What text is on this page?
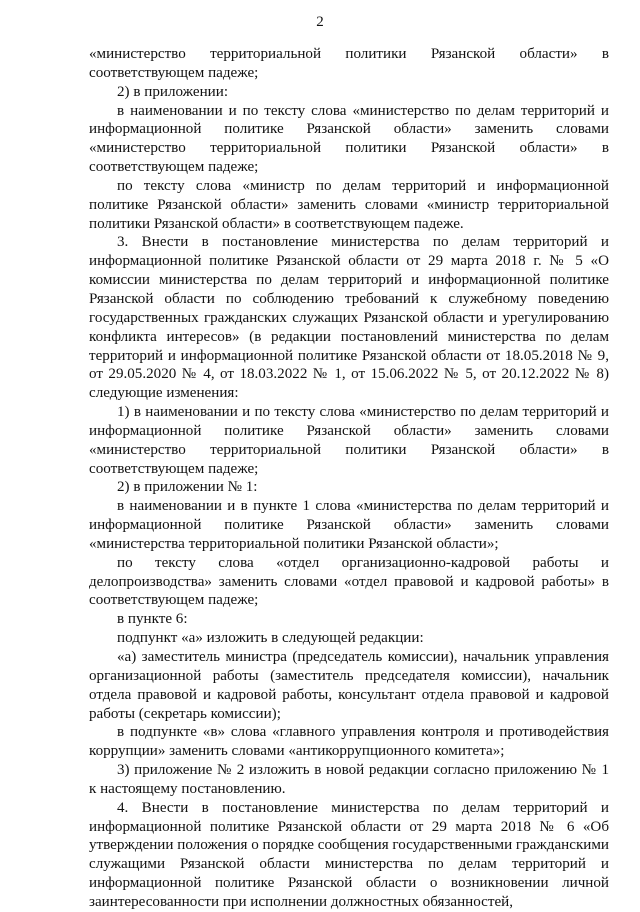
2

«министерство территориальной политики Рязанской области» в соответствующем падеже;

2) в приложении:

в наименовании и по тексту слова «министерство по делам территорий и информационной политике Рязанской области» заменить словами «министерство территориальной политики Рязанской области» в соответствующем падеже;

по тексту слова «министр по делам территорий и информационной политике Рязанской области» заменить словами «министр территориальной политики Рязанской области» в соответствующем падеже.

3. Внести в постановление министерства по делам территорий и информационной политике Рязанской области от 29 марта 2018 г. № 5 «О комиссии министерства по делам территорий и информационной политике Рязанской области по соблюдению требований к служебному поведению государственных гражданских служащих Рязанской области и урегулированию конфликта интересов» (в редакции постановлений министерства по делам территорий и информационной политике Рязанской области от 18.05.2018 № 9, от 29.05.2020 № 4, от 18.03.2022 № 1, от 15.06.2022 № 5, от 20.12.2022 № 8) следующие изменения:

1) в наименовании и по тексту слова «министерство по делам территорий и информационной политике Рязанской области» заменить словами «министерство территориальной политики Рязанской области» в соответствующем падеже;

2) в приложении № 1:

в наименовании и в пункте 1 слова «министерства по делам территорий и информационной политике Рязанской области» заменить словами «министерства территориальной политики Рязанской области»;

по тексту слова «отдел организационно-кадровой работы и делопроизводства» заменить словами «отдел правовой и кадровой работы» в соответствующем падеже;

в пункте 6:

подпункт «а» изложить в следующей редакции:

«а) заместитель министра (председатель комиссии), начальник управления организационной работы (заместитель председателя комиссии), начальник отдела правовой и кадровой работы, консультант отдела правовой и кадровой работы (секретарь комиссии);

в подпункте «в» слова «главного управления контроля и противодействия коррупции» заменить словами «антикоррупционного комитета»;

3) приложение № 2 изложить в новой редакции согласно приложению № 1 к настоящему постановлению.

4. Внести в постановление министерства по делам территорий и информационной политике Рязанской области от 29 марта 2018 № 6 «Об утверждении положения о порядке сообщения государственными гражданскими служащими Рязанской области министерства по делам территорий и информационной политике Рязанской области о возникновении личной заинтересованности при исполнении должностных обязанностей,
